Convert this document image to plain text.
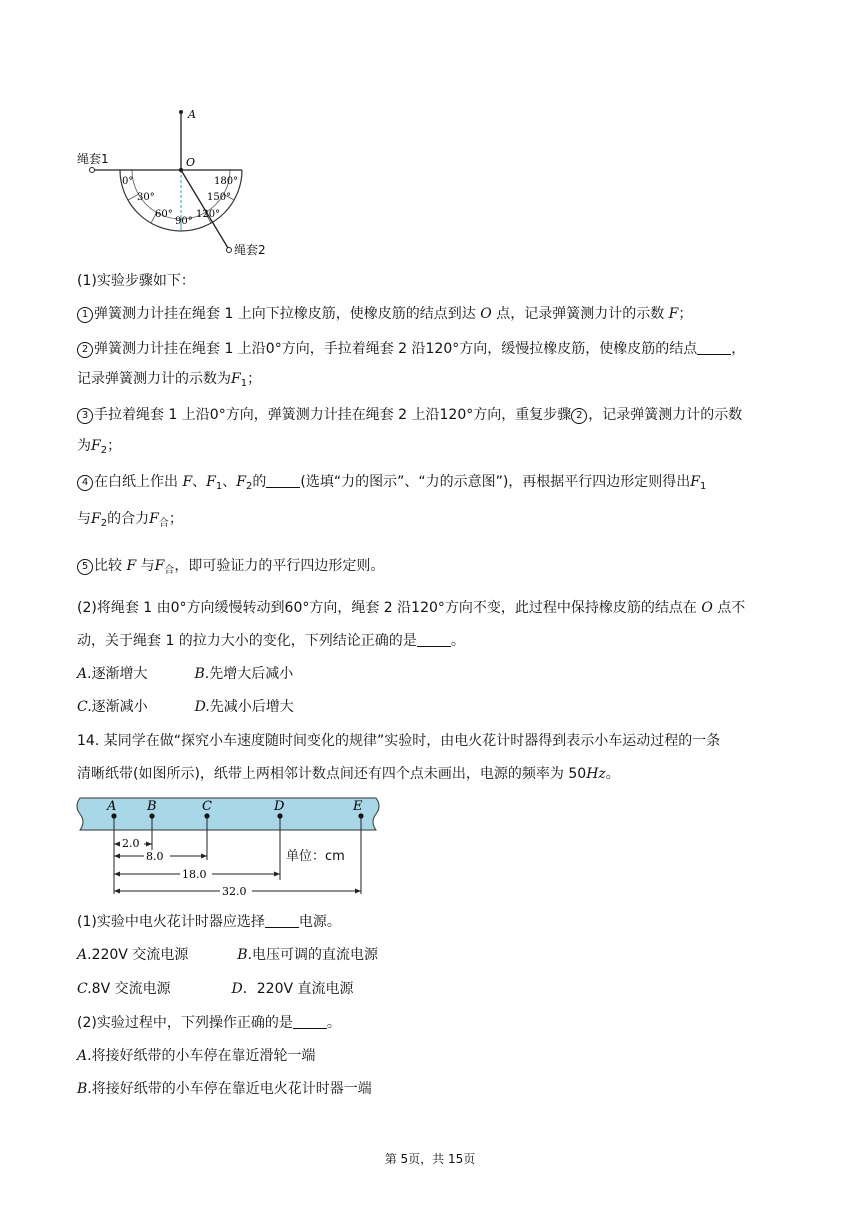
A
O
0°
30°
60°
90°
120°
150°
180°
绳套1
绳套2
(1)实验步骤如下：
1 弹簧测力计挂在绳套 1 上向下拉橡皮筋，使橡皮筋的结点到达 O 点，记录弹簧测力计的示数 F；
2 弹簧测力计挂在绳套 1 上沿0°方向，手拉着绳套 2 沿120°方向，缓慢拉橡皮筋，使橡皮筋的结点 ，
记录弹簧测力计的示数为$F_1$；
3 手拉着绳套 1 上沿0°方向，弹簧测力计挂在绳套 2 上沿120°方向，重复步骤 2 ，记录弹簧测力计的示数
为$F_2$；
4 在白纸上作出 F、$F_1$、$F_2$的 (选填“力的图示”、“力的示意图”)，再根据平行四边形定则得出$F_1$
与$F_2$的合力$F_合$；
5 比较 F 与$F_合$，即可验证力的平行四边形定则。
(2)将绳套 1 由0°方向缓慢转动到60°方向，绳套 2 沿120°方向不变，此过程中保持橡皮筋的结点在 O 点不
动，关于绳套 1 的拉力大小的变化，下列结论正确的是 。
A.逐渐增大	B.先增大后减小
C.逐渐减小	D.先减小后增大
14. 某同学在做“探究小车速度随时间变化的规律”实验时，由电火花计时器得到表示小车运动过程的一条
清晰纸带(如图所示)，纸带上两相邻计数点间还有四个点未画出，电源的频率为 50Hz。
A B	C	D	E
2.0
8.0
18.0
32.0
单位：cm
(1)实验中电火花计时器应选择 电源。
A.220V 交流电源	B.电压可调的直流电源
C.8V 交流电源	D．220V 直流电源
(2)实验过程中，下列操作正确的是 。
A.将接好纸带的小车停在靠近滑轮一端
B.将接好纸带的小车停在靠近电火花计时器一端
第 5页，共 15页
